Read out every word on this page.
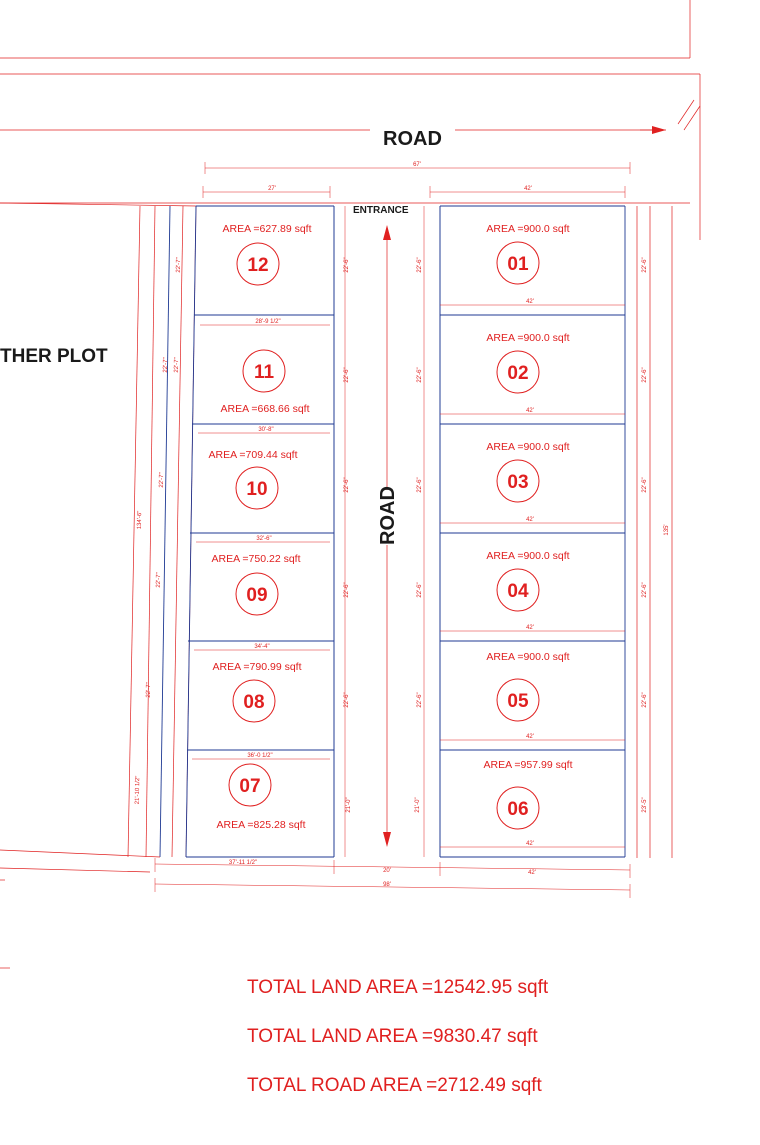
ROAD
67'
27'	42'
THER PLOT
134'-6"
21'-10 1/2"
22'-7"
22'-7"
22'-7"
22'-7"
22'-7"
22'-7"
28'-9 1/2"
30'-8"
32'-6"
34'-4"
36'-0 1/2"
AREA =627.89 sqft
12
11
AREA =668.66 sqft
AREA =709.44 sqft
10
AREA =750.22 sqft
09
AREA =790.99 sqft
08
07
AREA =825.28 sqft
22'-6"
22'-6"
22'-6"
22'-6"
22'-6"
21'-0"
22'-6"
22'-6"
22'-6"
22'-6"
22'-6"
21'-0"
ROAD
ENTRANCE
42'
42'
42'
42'
42'
42'
22'-6"
22'-6"
22'-6"
22'-6"
22'-6"
23'-5"
135'
AREA =900.0 sqft
01
AREA =900.0 sqft
02
AREA =900.0 sqft
03
AREA =900.0 sqft
04
AREA =900.0 sqft
05
AREA =957.99 sqft
06
37'-11 1/2"
20'	42'
98'
TOTAL LAND AREA =12542.95 sqft
TOTAL LAND AREA =9830.47 sqft
TOTAL ROAD AREA =2712.49 sqft
